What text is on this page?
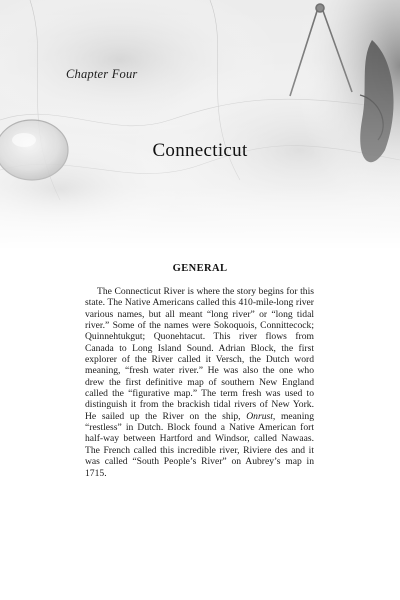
Chapter Four
Connecticut
GENERAL
The Connecticut River is where the story begins for this state. The Native Americans called this 410-mile-long river various names, but all meant “long river” or “long tidal river.” Some of the names were Sokoquois, Connittecock; Quinnehtukgut; Quonehtacut. This river flows from Canada to Long Island Sound. Adrian Block, the first explorer of the River called it Versch, the Dutch word meaning, “fresh water river.” He was also the one who drew the first definitive map of southern New England called the “figurative map.” The term fresh was used to distinguish it from the brackish tidal rivers of New York. He sailed up the River on the ship, Onrust, meaning “restless” in Dutch. Block found a Native American fort half-way between Hartford and Windsor, called Nawaas. The French called this incredible river, Riviere des and it was called “South People’s River” on Aubrey’s map in 1715.
